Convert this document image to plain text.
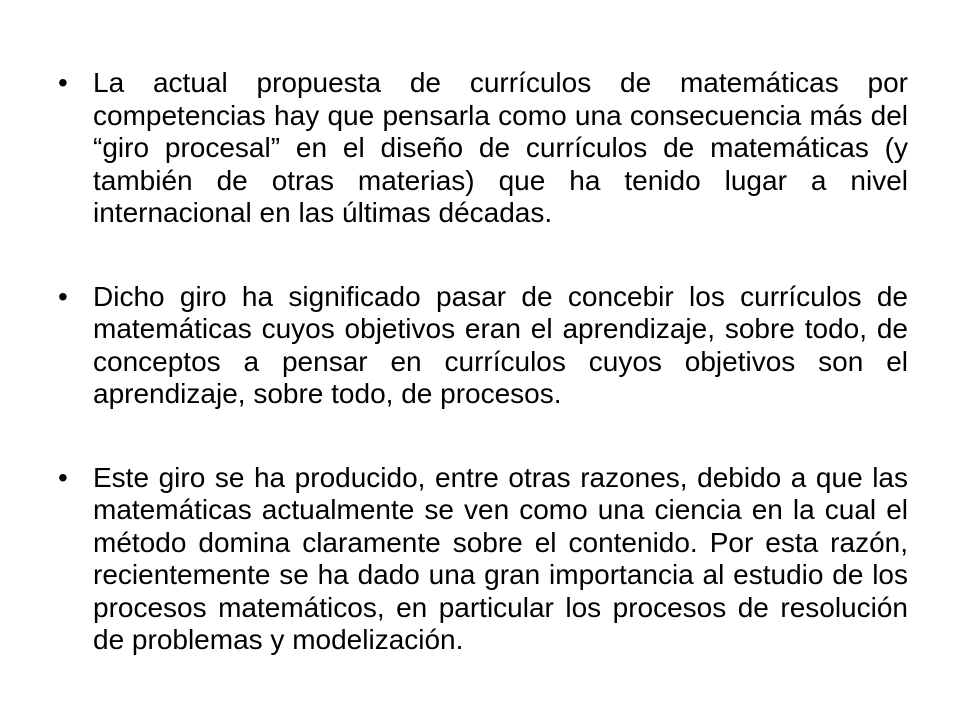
• La actual propuesta de currículos de matemáticas por competencias hay que pensarla como una consecuencia más del “giro procesal” en el diseño de currículos de matemáticas (y también de otras materias) que ha tenido lugar a nivel internacional en las últimas décadas.
• Dicho giro ha significado pasar de concebir los currículos de matemáticas cuyos objetivos eran el aprendizaje, sobre todo, de conceptos a pensar en currículos cuyos objetivos son el aprendizaje, sobre todo, de procesos.
• Este giro se ha producido, entre otras razones, debido a que las matemáticas actualmente se ven como una ciencia en la cual el método domina claramente sobre el contenido. Por esta razón, recientemente se ha dado una gran importancia al estudio de los procesos matemáticos, en particular los procesos de resolución de problemas y modelización.
